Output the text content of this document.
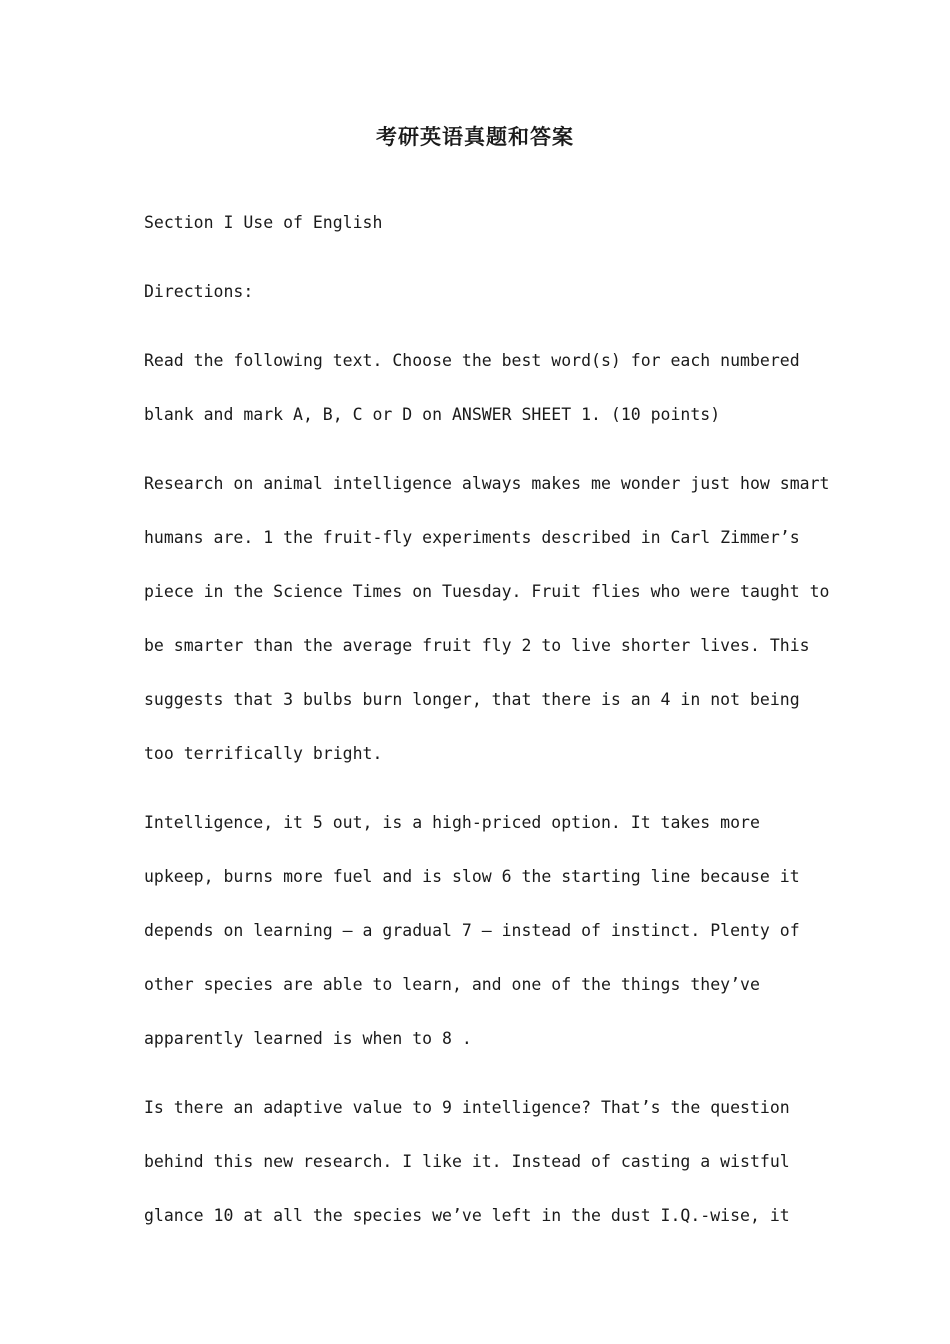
考研英语真题和答案

Section I Use of English

Directions:

Read the following text. Choose the best word(s) for each numbered
blank and mark A, B, C or D on ANSWER SHEET 1. (10 points)

Research on animal intelligence always makes me wonder just how smart
humans are. 1 the fruit-fly experiments described in Carl Zimmer’s
piece in the Science Times on Tuesday. Fruit flies who were taught to
be smarter than the average fruit fly 2 to live shorter lives. This
suggests that 3 bulbs burn longer, that there is an 4 in not being
too terrifically bright.

Intelligence, it 5 out, is a high-priced option. It takes more
upkeep, burns more fuel and is slow 6 the starting line because it
depends on learning — a gradual 7 — instead of instinct. Plenty of
other species are able to learn, and one of the things they’ve
apparently learned is when to 8 .

Is there an adaptive value to 9 intelligence? That’s the question
behind this new research. I like it. Instead of casting a wistful
glance 10 at all the species we’ve left in the dust I.Q.-wise, it
